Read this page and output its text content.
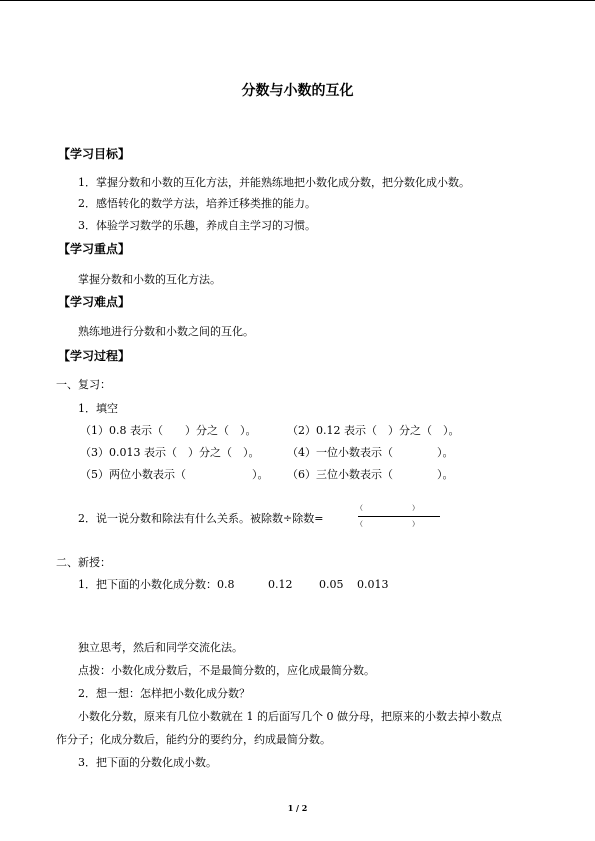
分数与小数的互化
【学习目标】
1．掌握分数和小数的互化方法，并能熟练地把小数化成分数，把分数化成小数。
2．感悟转化的数学方法，培养迁移类推的能力。
3．体验学习数学的乐趣，养成自主学习的习惯。
【学习重点】
掌握分数和小数的互化方法。
【学习难点】
熟练地进行分数和小数之间的互化。
【学习过程】
一、复习：
1．填空
（1）0.8 表示（　　）分之（　）。	（2）0.12 表示（　）分之（　）。
（3）0.013 表示（　）分之（　）。	（4）一位小数表示（　　　　）。
（5）两位小数表示（　　　　　　）。 （6）三位小数表示（　　　　）。
2．说一说分数和除法有什么关系。被除数÷除数=
（　　　　　　　）
（　　　　　　　）
二、新授：
1．把下面的小数化成分数：0.8	0.12 0.05 0.013
独立思考，然后和同学交流化法。
点拨：小数化成分数后，不是最简分数的，应化成最简分数。
2．想一想：怎样把小数化成分数？
小数化分数，原来有几位小数就在 1 的后面写几个 0 做分母，把原来的小数去掉小数点
作分子；化成分数后，能约分的要约分，约成最简分数。
3．把下面的分数化成小数。
1 / 2
